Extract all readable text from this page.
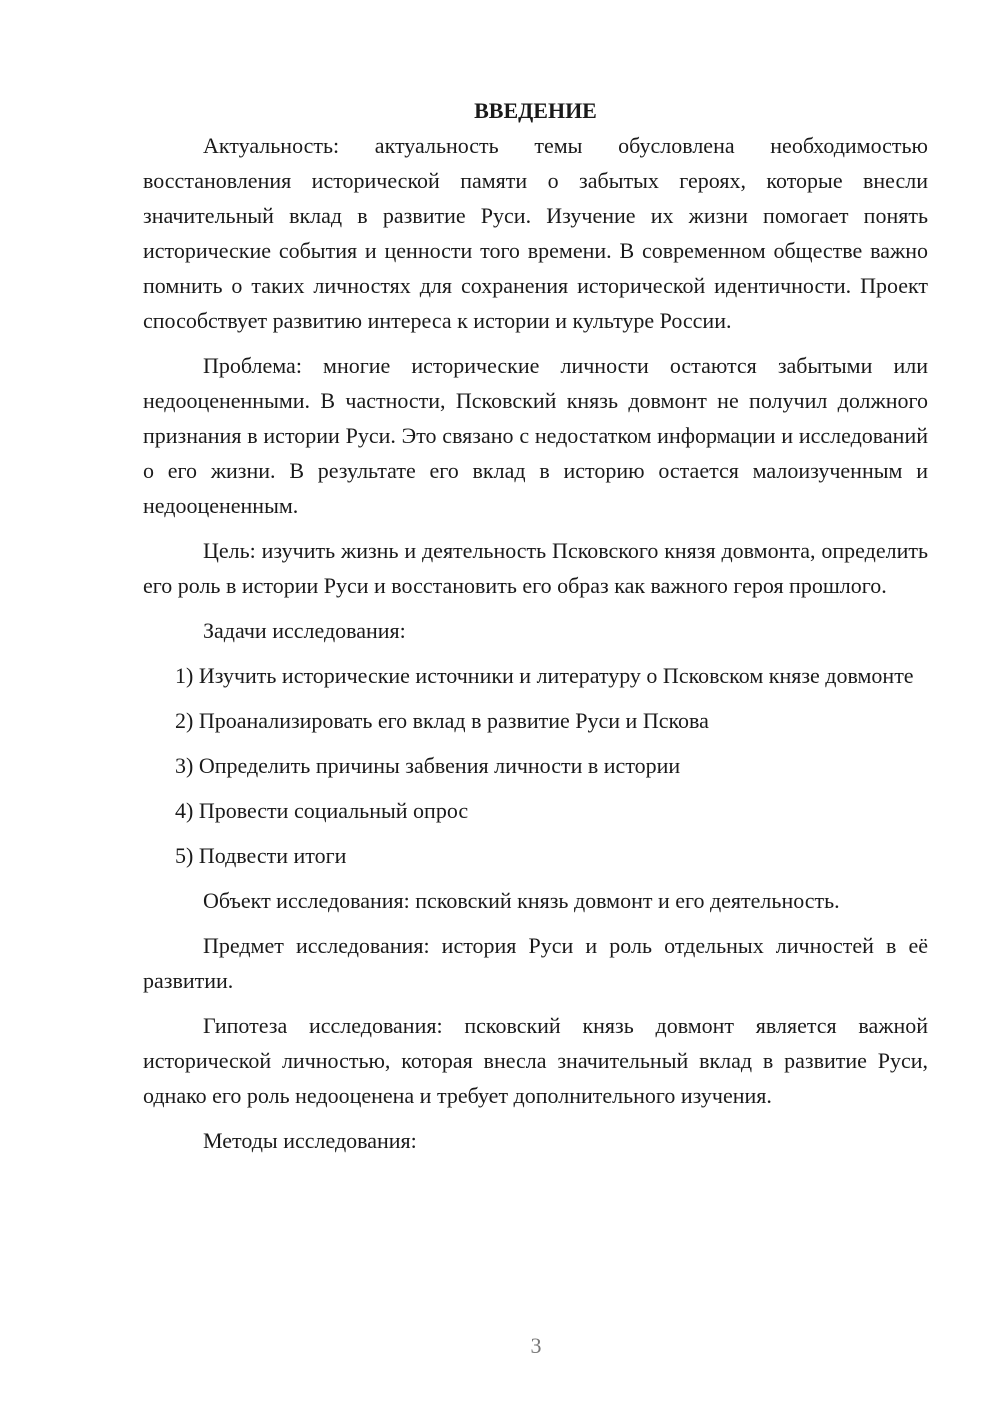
ВВЕДЕНИЕ

Актуальность: актуальность темы обусловлена необходимостью восстановления исторической памяти о забытых героях, которые внесли значительный вклад в развитие Руси. Изучение их жизни помогает понять исторические события и ценности того времени. В современном обществе важно помнить о таких личностях для сохранения исторической идентичности. Проект способствует развитию интереса к истории и культуре России.

Проблема: многие исторические личности остаются забытыми или недооцененными. В частности, Псковский князь довмонт не получил должного признания в истории Руси. Это связано с недостатком информации и исследований о его жизни. В результате его вклад в историю остается малоизученным и недооцененным.

Цель: изучить жизнь и деятельность Псковского князя довмонта, определить его роль в истории Руси и восстановить его образ как важного героя прошлого.

Задачи исследования:

1) Изучить исторические источники и литературу о Псковском князе довмонте

2) Проанализировать его вклад в развитие Руси и Пскова

3) Определить причины забвения личности в истории

4) Провести социальный опрос

5) Подвести итоги

Объект исследования: псковский князь довмонт и его деятельность.

Предмет исследования: история Руси и роль отдельных личностей в её развитии.

Гипотеза исследования: псковский князь довмонт является важной исторической личностью, которая внесла значительный вклад в развитие Руси, однако его роль недооценена и требует дополнительного изучения.

Методы исследования:

3
